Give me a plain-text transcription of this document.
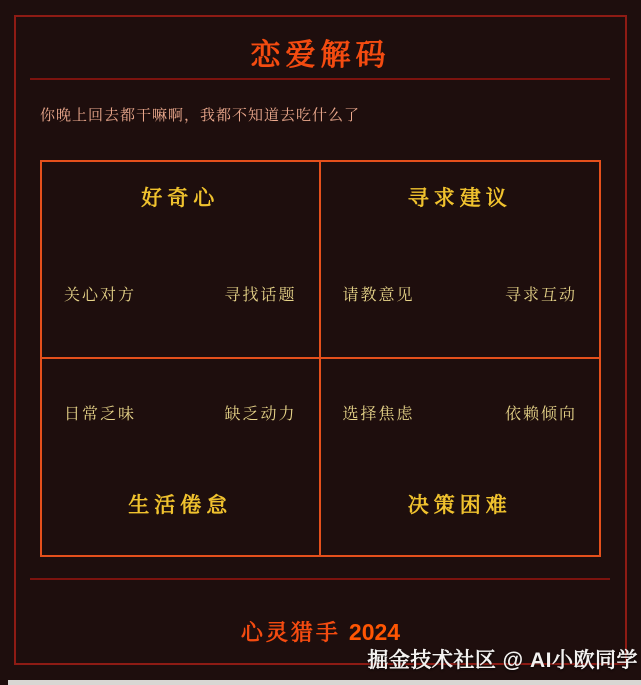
恋爱解码

你晚上回去都干嘛啊，我都不知道去吃什么了

好奇心
关心对方	寻找话题
寻求建议
请教意见	寻求互动
日常乏味	缺乏动力
生活倦怠
选择焦虑	依赖倾向
决策困难
心灵猎手 2024
掘金技术社区 @ AI小欧同学
